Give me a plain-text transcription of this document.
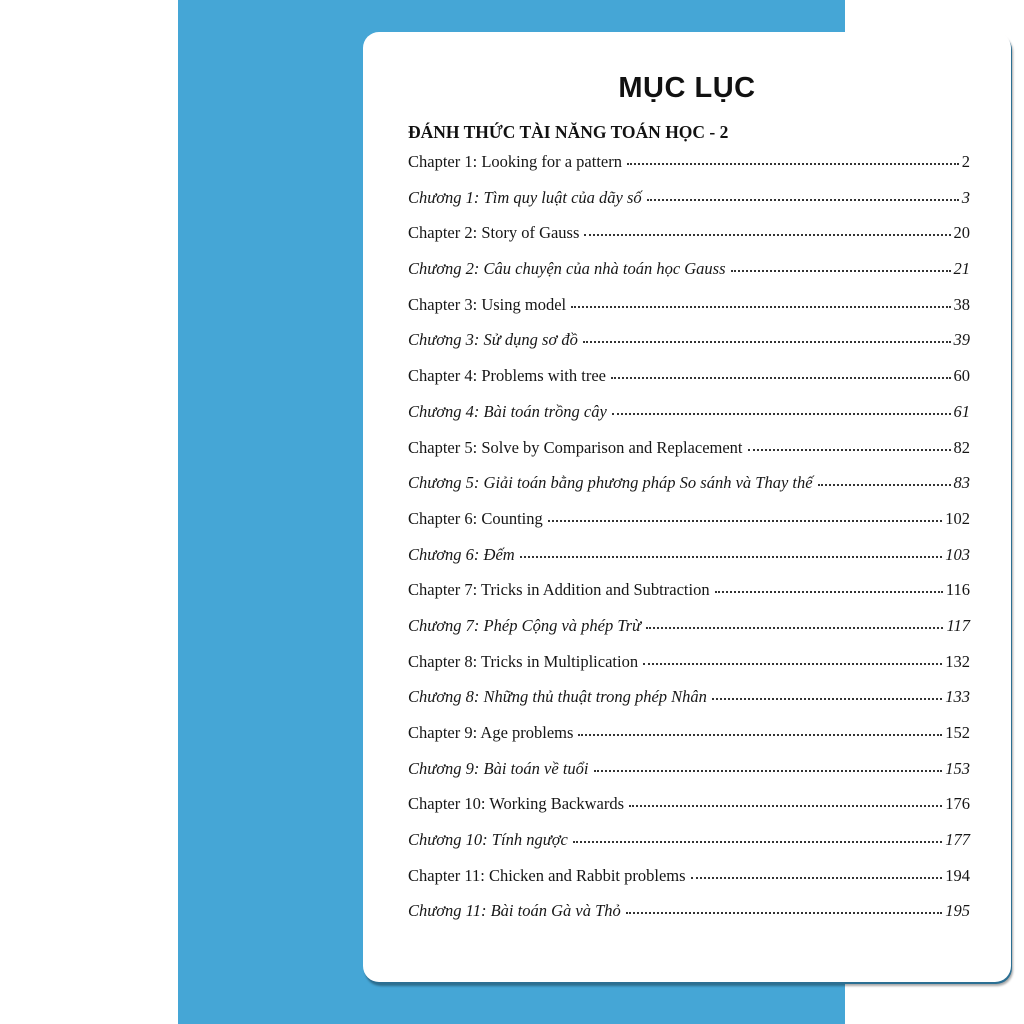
MỤC LỤC
ĐÁNH THỨC TÀI NĂNG TOÁN HỌC - 2
Chapter 1: Looking for a pattern	2
Chương 1: Tìm quy luật của dãy số	3
Chapter 2: Story of Gauss	20
Chương 2: Câu chuyện của nhà toán học Gauss	21
Chapter 3: Using model	38
Chương 3: Sử dụng sơ đồ	39
Chapter 4: Problems with tree	60
Chương 4: Bài toán trồng cây	61
Chapter 5: Solve by Comparison and Replacement	82
Chương 5: Giải toán bằng phương pháp So sánh và Thay thế	83
Chapter 6: Counting	102
Chương 6: Đếm	103
Chapter 7: Tricks in Addition and Subtraction	116
Chương 7: Phép Cộng và phép Trừ	117
Chapter 8: Tricks in Multiplication	132
Chương 8: Những thủ thuật trong phép Nhân	133
Chapter 9: Age problems	152
Chương 9: Bài toán về tuổi	153
Chapter 10: Working Backwards	176
Chương 10: Tính ngược	177
Chapter 11: Chicken and Rabbit problems	194
Chương 11: Bài toán Gà và Thỏ	195
